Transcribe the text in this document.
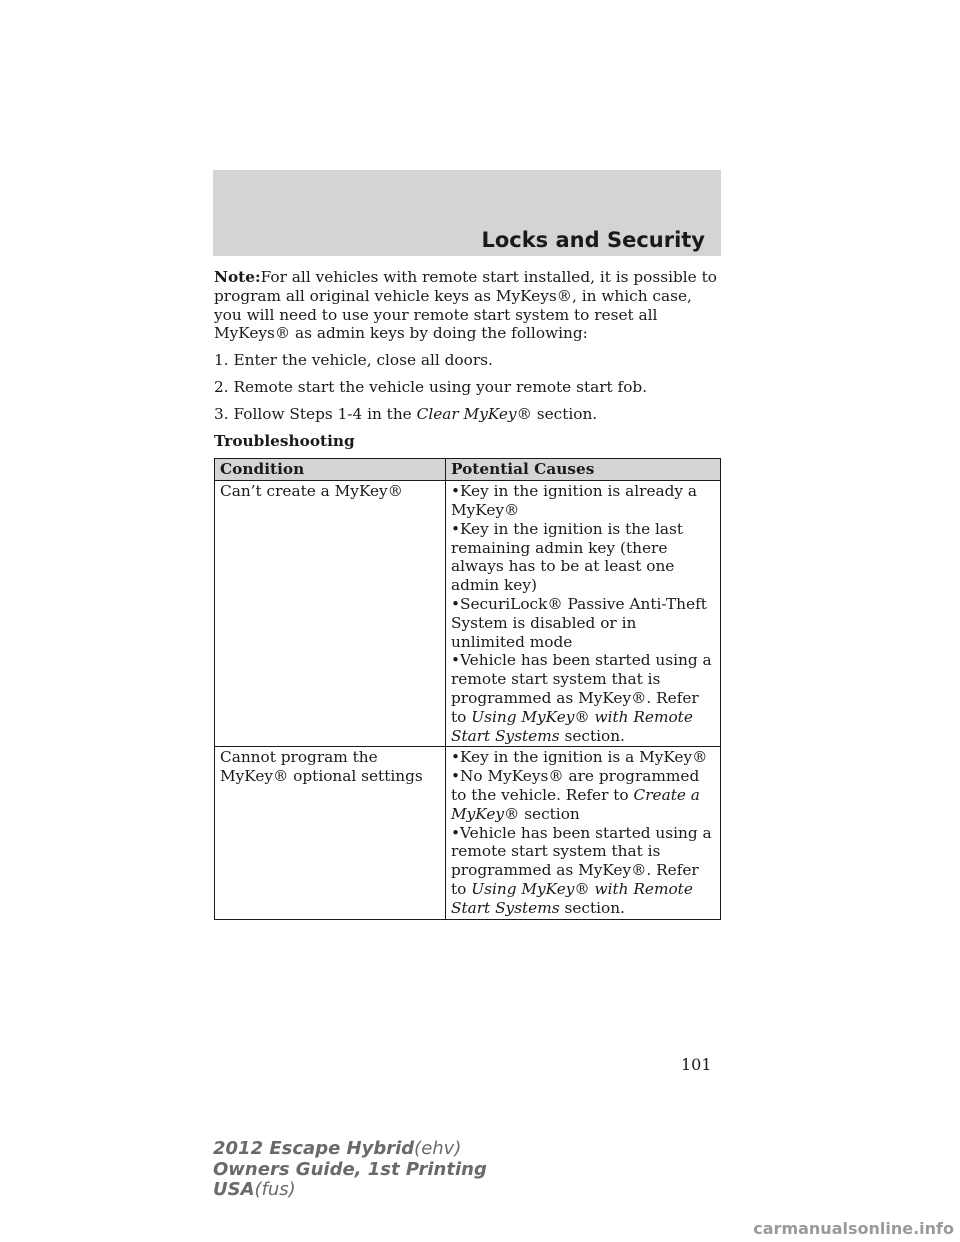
Locks and Security

Note:For all vehicles with remote start installed, it is possible to program all original vehicle keys as MyKeys®, in which case, you will need to use your remote start system to reset all MyKeys® as admin keys by doing the following:

1. Enter the vehicle, close all doors.

2. Remote start the vehicle using your remote start fob.

3. Follow Steps 1-4 in the Clear MyKey® section.

Troubleshooting

Condition	Potential Causes
Can’t create a MyKey®	•Key in the ignition is already a MyKey®

•Key in the ignition is the last remaining admin key (there always has to be at least one admin key)

•SecuriLock® Passive Anti-Theft System is disabled or in unlimited mode

•Vehicle has been started using a remote start system that is programmed as MyKey®. Refer to Using MyKey® with Remote Start Systems section.

Cannot program the MyKey® optional settings	•Key in the ignition is a MyKey®

•No MyKeys® are programmed to the vehicle. Refer to Create a MyKey® section

•Vehicle has been started using a remote start system that is programmed as MyKey®. Refer to Using MyKey® with Remote Start Systems section.

101
2012 Escape Hybrid(ehv)
Owners Guide, 1st Printing
USA(fus)
carmanualsonline.info
